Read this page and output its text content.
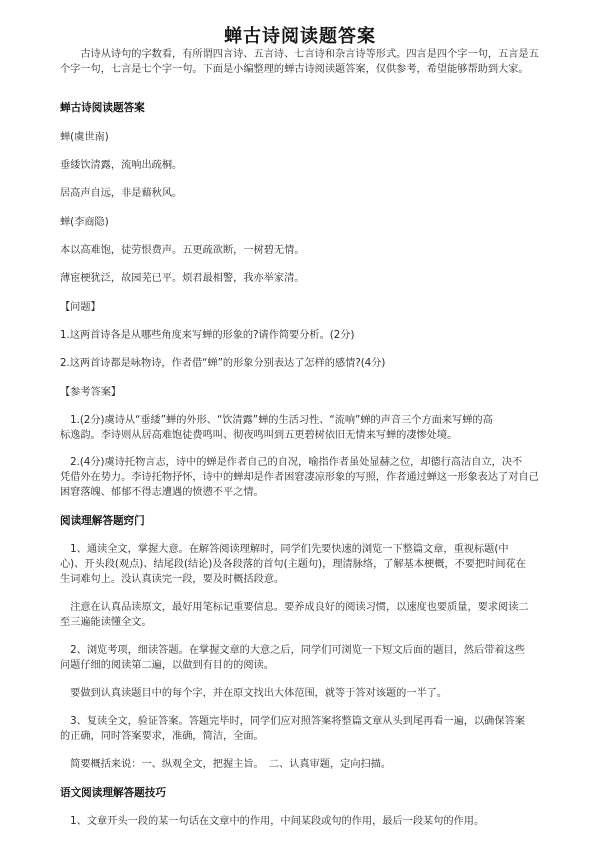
蝉古诗阅读题答案
　　古诗从诗句的字数看，有所谓四言诗、五言诗、七言诗和杂言诗等形式。四言是四个字一句，五言是五
个字一句，七言是七个字一句。下面是小编整理的蝉古诗阅读题答案，仅供参考，希望能够帮助到大家。
蝉古诗阅读题答案
蝉(虞世南)
垂緌饮清露，流响出疏桐。
居高声自远，非是藉秋风。
蝉(李商隐)
本以高难饱，徒劳恨费声。五更疏欲断，一树碧无情。
薄宦梗犹泛，故园芜已平。烦君最相警，我亦举家清。
【问题】
1.这两首诗各是从哪些角度来写蝉的形象的?请作简要分析。(2分)
2.这两首诗都是咏物诗，作者借“蝉”的形象分别表达了怎样的感情?(4分)
【参考答案】
　1.(2分)虞诗从“垂緌”蝉的外形、“饮清露”蝉的生活习性、“流响”蝉的声音三个方面来写蝉的高
标逸韵。李诗则从居高难饱徒费鸣叫、彻夜鸣叫到五更碧树依旧无情来写蝉的凄惨处境。
　2.(4分)虞诗托物言志，诗中的蝉是作者自己的自况，喻指作者虽处显赫之位，却德行高洁自立，决不
凭借外在势力。李诗托物抒怀，诗中的蝉却是作者困窘凄凉形象的写照，作者通过蝉这一形象表达了对自己
困窘落魄、郁郁不得志遭遇的愤懑不平之情。
阅读理解答题窍门
　1、通读全文，掌握大意。在解答阅读理解时，同学们先要快速的浏览一下整篇文章，重视标题(中
心)、开头段(观点)、结尾段(结论)及各段落的首句(主题句)，理清脉络，了解基本梗概，不要把时间花在
生词难句上。没认真读完一段，要及时概括段意。
　注意在认真品读原文，最好用笔标记重要信息。要养成良好的阅读习惯，以速度也要质量，要求阅读二
至三遍能读懂全文。
　2、浏览考项，细读答题。在掌握文章的大意之后，同学们可浏览一下短文后面的题目，然后带着这些
问题仔细的阅读第二遍，以做到有目的的阅读。
　要做到认真读题目中的每个字，并在原文找出大体范围，就等于答对该题的一半了。
　3、复读全文，验证答案。答题完毕时，同学们应对照答案将整篇文章从头到尾再看一遍，以确保答案
的正确，同时答案要求，准确，简洁，全面。
　简要概括来说：一、纵观全文，把握主旨。　二、认真审题，定向扫描。
语文阅读理解答题技巧
　1、文章开头一段的某一句话在文章中的作用，中间某段或句的作用，最后一段某句的作用。
